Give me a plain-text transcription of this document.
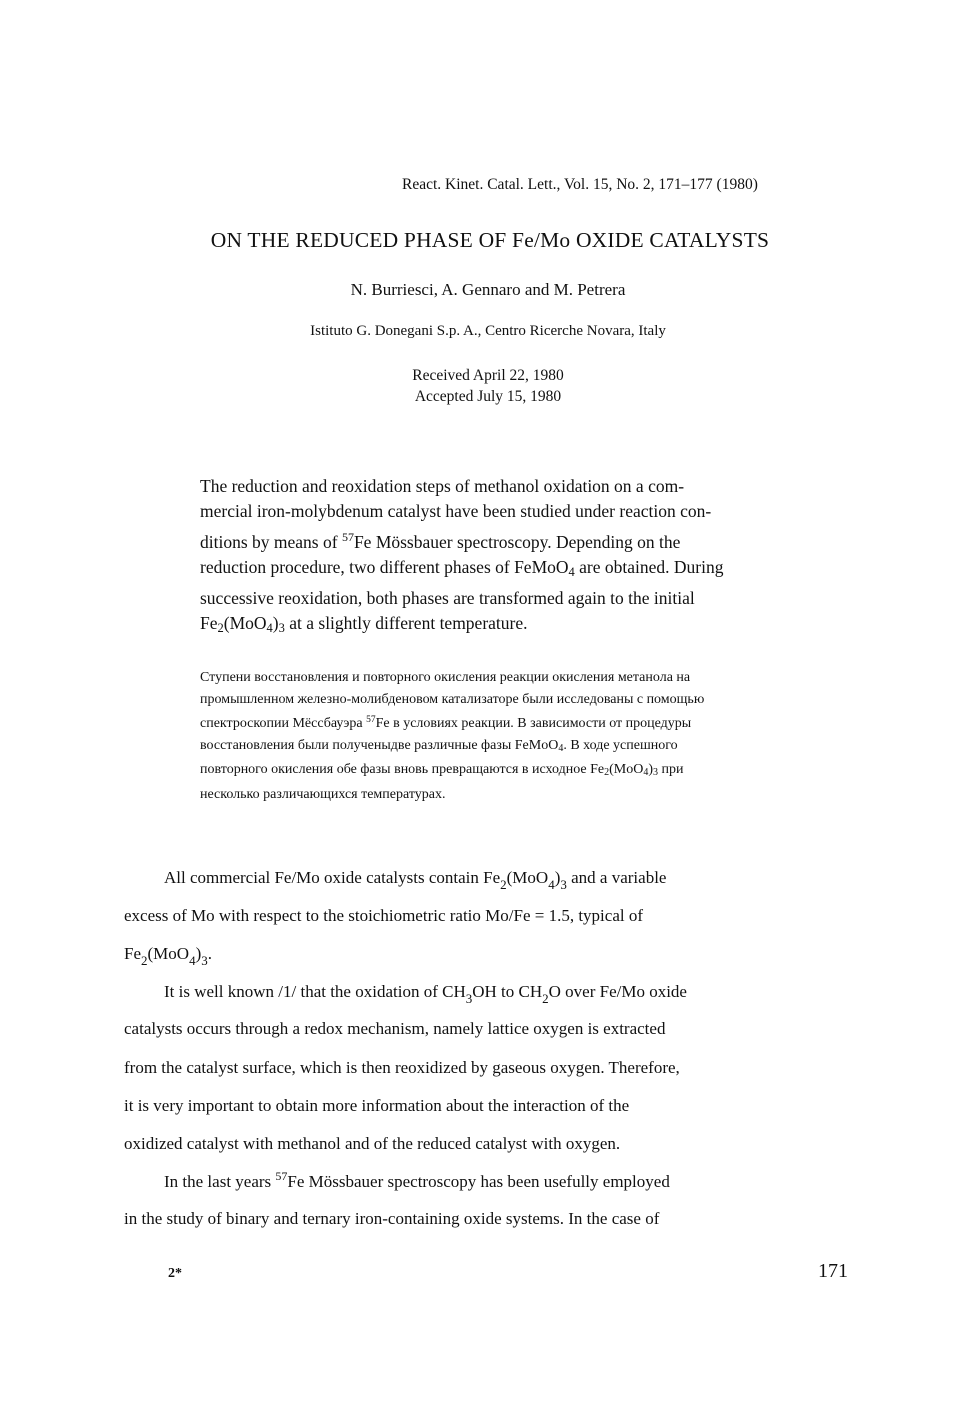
React. Kinet. Catal. Lett., Vol. 15, No. 2, 171–177 (1980)
ON THE REDUCED PHASE OF Fe/Mo OXIDE CATALYSTS
N. Burriesci, A. Gennaro and M. Petrera
Istituto G. Donegani S.p. A., Centro Ricerche Novara, Italy
Received April 22, 1980
Accepted July 15, 1980
The reduction and reoxidation steps of methanol oxidation on a com-
mercial iron-molybdenum catalyst have been studied under reaction con-
ditions by means of $^{57}$Fe Mössbauer spectroscopy. Depending on the
reduction procedure, two different phases of FeMoO$_4$ are obtained. During
successive reoxidation, both phases are transformed again to the initial
$Fe_2(MoO_4)_3$ at a slightly different temperature.
Ступени восстановления и повторного окисления реакции окисления метанола на
промышленном железно-молибденовом катализаторе были исследованы с помощью
спектроскопии Мёссбауэра $^{57}$Fe в условиях реакции. В зависимости от процедуры
восстановления были полученыдве различные фазы FeMoO$_4$. В ходе успешного
повторного окисления обе фазы вновь превращаются в исходное $Fe_2(MoO_4)_3$ при
несколько различающихся температурах.
All commercial Fe/Mo oxide catalysts contain $Fe_2(MoO_4)_3$ and a variable
excess of Mo with respect to the stoichiometric ratio Mo/Fe = 1.5, typical of
$Fe_2(MoO_4)_3$.
It is well known /1/ that the oxidation of $CH_3OH$ to $CH_2O$ over Fe/Mo oxide
catalysts occurs through a redox mechanism, namely lattice oxygen is extracted
from the catalyst surface, which is then reoxidized by gaseous oxygen. Therefore,
it is very important to obtain more information about the interaction of the
oxidized catalyst with methanol and of the reduced catalyst with oxygen.
In the last years $^{57}$Fe Mössbauer spectroscopy has been usefully employed
in the study of binary and ternary iron-containing oxide systems. In the case of
2*	171
